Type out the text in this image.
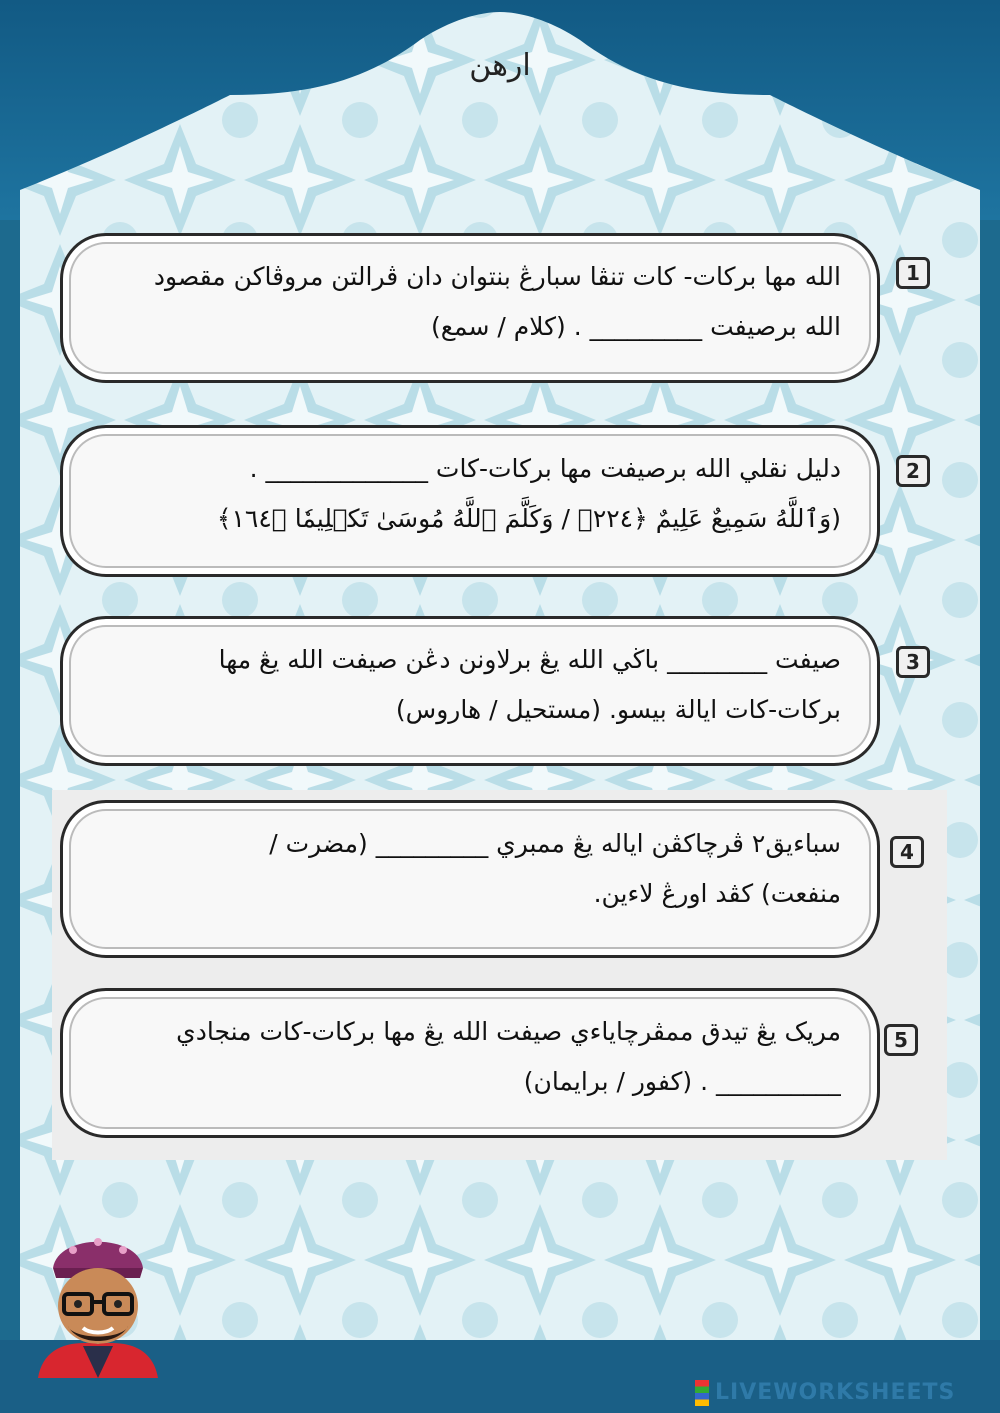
ارهن
الله مها بركات- كات تنڤا سبارڠ بنتوان دان ڤرالتن مروڤاكن مقصود
الله برصيفت _________ . (كلام / سمع)
1
دليل نقلي الله برصيفت مها بركات-كات _____________ .
(وَٱللَّهُ سَمِيعٌ عَلِيمٌ ﴿٢٢٤﴾ / وَكَلَّمَ ٱللَّهُ مُوسَىٰ تَكۡلِيمٗا ﴿١٦٤﴾
2
صيفت ________ باڬي الله يڠ برلاونن دڠن صيفت الله يڠ مها
بركات-كات ايالة بيسو. (مستحيل / هاروس)
3
سباءيق٢ ڤرچاكڤن اياله يڠ ممبري _________ (مضرت /
منفعت) كڤد اورڠ لاءين.
4
مريک يڠ تيدق ممڤرچاياءي صيفت الله يڠ مها بركات-كات منجادي
__________ . (كفور / برايمان)
5
LIVEWORKSHEETS
